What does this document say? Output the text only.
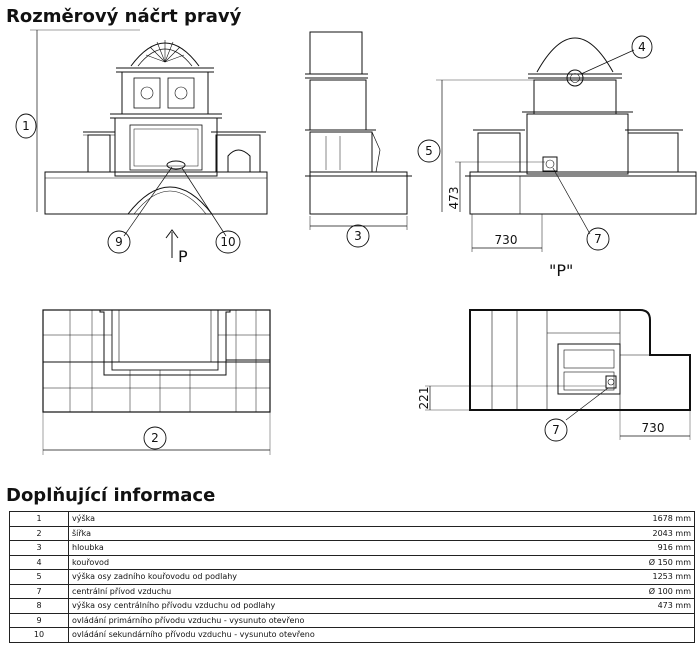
Rozměrový náčrt pravý
1
9	10	3
4
5
7
2
7
P
"P"
473
730
221
730
Doplňující informace
1	výška	1678 mm
2	šířka	2043 mm
3	hloubka	916 mm
4	kouřovod	Ø 150 mm
5	výška osy zadního kouřovodu od podlahy	1253 mm
7	centrální přívod vzduchu	Ø 100 mm
8	výška osy centrálního přívodu vzduchu od podlahy	473 mm
9	ovládání primárního přívodu vzduchu - vysunuto otevřeno	
10	ovládání sekundárního přívodu vzduchu - vysunuto otevřeno	
